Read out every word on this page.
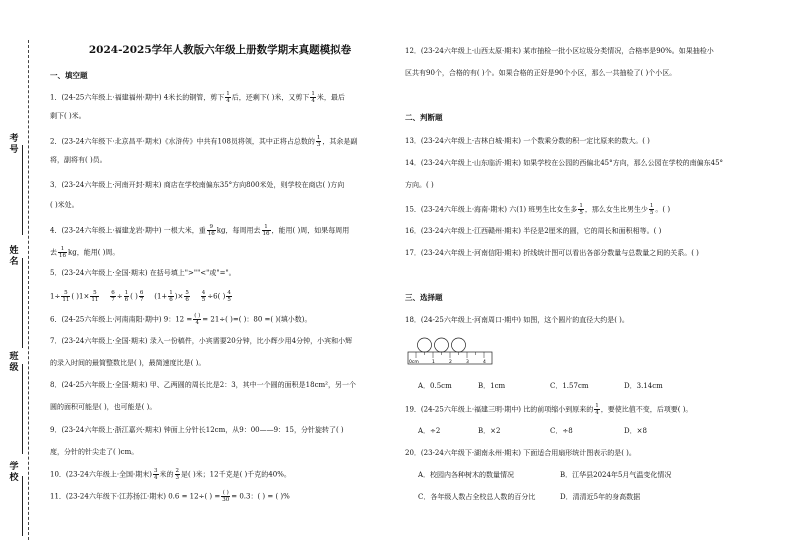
考号
姓名
班级
学校
2024-2025学年人教版六年级上册数学期末真题模拟卷
一、填空题
1．(24-25六年级上·福建福州·期中) 4米长的钢管，剪下 $\frac{1}{4}$ 后，还剩下( )米，又剪下 $\frac{1}{4}$ 米，最后
剩下( )米。
2．(23-24六年级下·北京昌平·期末)《水浒传》中共有108员将领，其中正将占总数的 $\frac{1}{3}$ ，其余是副
将，副将有( )员。
3．(23-24六年级上·河南开封·期末) 商店在学校南偏东35°方向800米处，则学校在商店( )方向
( )米处。
4．(23-24六年级上·福建龙岩·期中) 一根大米，重 $\frac{9}{16}$ kg，每周用去 $\frac{1}{16}$ ，能用( )周，如果每周用
去 $\frac{1}{16}$ kg，能用( )周。
5．(23-24六年级上·全国·期末) 在括号填上">""<"或"="。
$1\div \frac{5}{11}$ ( )$1\times \frac{5}{11}$
$\frac{6}{7} \div \frac{1}{6}$ ( ) $\frac{6}{7} (1+ \frac{1}{6}$ )× $\frac{5}{6}$
$\frac{4}{5} \div 6$( ) $\frac{4}{5}$
6．(24-25六年级上·河南南阳·期中) 9：$12 = \frac{( )}{4} = 21\div$( )=( )：80 =( )(填小数)。
7．(23-24六年级上·全国·期末) 录入一份稿件，小宾需要20分钟，比小辉少用4分钟，小宾和小辉
的录入时间的最简整数比是( )，最简速度比是( )。
8．(24-25六年级上·全国·期末) 甲、乙两圆的周长比是2：3，其中一个圆的面积是18cm²，另一个
圆的面积可能是( )，也可能是( )。
9．(23-24六年级上·浙江嘉兴·期末) 钟面上分针长12cm，从9：00——9：15，分针旋转了( )
度，分针的针尖走了( )cm。
10．(23-24六年级上·全国·期末) $\frac{3}{4}$ 米的 $\frac{2}{3}$ 是( )米；12千克是( )千克的40%。
11．(23-24六年级下·江苏扬江·期末) 0.6 = 12÷( ) = $\frac{( )}{30} = 0.3$：( ) = ( )%
12．(23-24六年级上·山西太原·期末) 某市抽检一批小区垃圾分类情况，合格率是90%。如果抽检小
区共有90个，合格的有( )个。如果合格的正好是90个小区，那么一共抽检了( )个小区。
二、判断题
13．(23-24六年级上·吉林白城·期末) 一个数乘分数的积一定比原来的数大。( )
14．(23-24六年级上·山东临沂·期末) 如果学校在公园的西偏北45°方向，那么公园在学校的南偏东45°
方向。( )
15．(23-24六年级上·海南·期末) 六(1) 班男生比女生多 $\frac{1}{5}$ ，那么女生比男生少 $\frac{1}{5}$ 。( )
16．(23-24六年级上·江西赣州·期末) 半径是2厘米的圆，它的周长和面积相等。( )
17．(23-24六年级上·河南信阳·期末) 折线统计图可以看出各部分数量与总数量之间的关系。( )
三、选择题
18．(24-25六年级上·河南周口·期中) 如图，这个圆片的直径大约是( )。
0cm	1	2	3	4
A．0.5cm	B．1cm	C．1.57cm	D．3.14cm
19．(24-25六年级上·福建三明·期中) 比的前项缩小到原来的 $\frac{1}{4}$ ，要使比值不变，后项要( )。
A．÷2	B．×2	C．÷8	D．×8
20．(23-24六年级下·湖南永州·期末) 下面适合用扇形统计图表示的是( )。
A．校园内各种树木的数量情况	B．江华县2024年5月气温变化情况
C．各年级人数占全校总人数的百分比	D．清清近5年的身高数据
